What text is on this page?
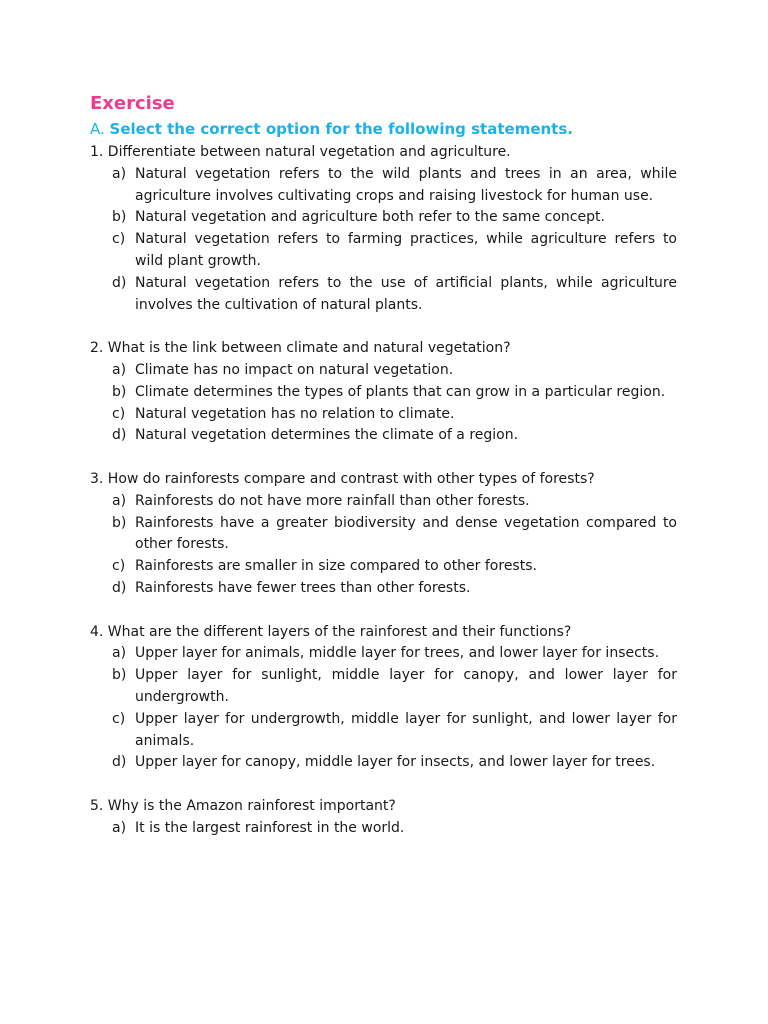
Exercise
A. Select the correct option for the following statements.
1. Differentiate between natural vegetation and agriculture.
a) Natural vegetation refers to the wild plants and trees in an area, while agriculture involves cultivating crops and raising livestock for human use.
b) Natural vegetation and agriculture both refer to the same concept.
c) Natural vegetation refers to farming practices, while agriculture refers to wild plant growth.
d) Natural vegetation refers to the use of artificial plants, while agriculture involves the cultivation of natural plants.
2. What is the link between climate and natural vegetation?
a) Climate has no impact on natural vegetation.
b) Climate determines the types of plants that can grow in a particular region.
c) Natural vegetation has no relation to climate.
d) Natural vegetation determines the climate of a region.
3. How do rainforests compare and contrast with other types of forests?
a) Rainforests do not have more rainfall than other forests.
b) Rainforests have a greater biodiversity and dense vegetation compared to other forests.
c) Rainforests are smaller in size compared to other forests.
d) Rainforests have fewer trees than other forests.
4. What are the different layers of the rainforest and their functions?
a) Upper layer for animals, middle layer for trees, and lower layer for insects.
b) Upper layer for sunlight, middle layer for canopy, and lower layer for undergrowth.
c) Upper layer for undergrowth, middle layer for sunlight, and lower layer for animals.
d) Upper layer for canopy, middle layer for insects, and lower layer for trees.
5. Why is the Amazon rainforest important?
a) It is the largest rainforest in the world.
